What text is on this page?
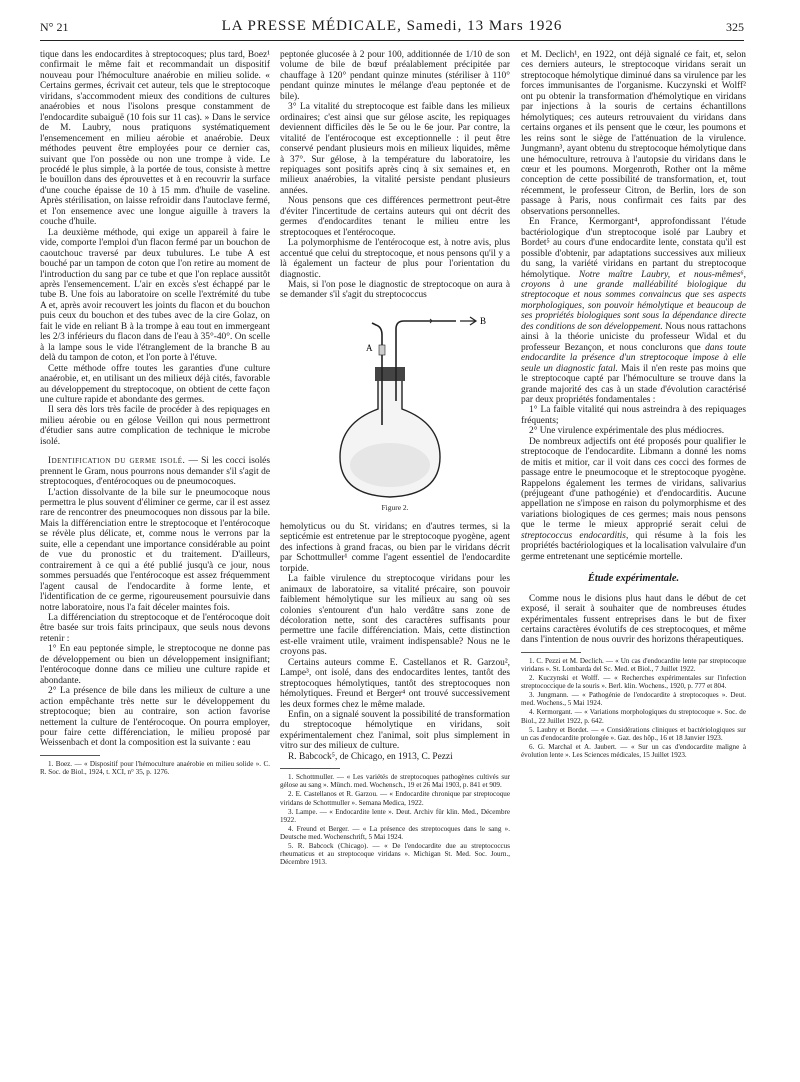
N° 21	LA PRESSE MÉDICALE, Samedi, 13 Mars 1926	325

tique dans les endocardites à streptocoques; plus tard, Boez¹ confirmait le même fait et recommandait un dispositif nouveau pour l'hémoculture anaérobie en milieu solide. « Certains germes, écrivait cet auteur, tels que le streptocoque viridans, s'accommodent mieux des conditions de cultures anaérobies et nous l'isolons presque constamment de l'endocardite subaiguë (10 fois sur 11 cas). » Dans le service de M. Laubry, nous pratiquons systématiquement l'ensemencement en milieu aérobie et anaérobie. Deux méthodes peuvent être employées pour ce dernier cas, suivant que l'on possède ou non une trompe à vide. Le procédé le plus simple, à la portée de tous, consiste à mettre le bouillon dans des éprouvettes et à en recouvrir la surface d'une couche épaisse de 10 à 15 mm. d'huile de vaseline. Après stérilisation, on laisse refroidir dans l'autoclave fermé, et l'on ensemence avec une longue aiguille à travers la couche d'huile.

La deuxième méthode, qui exige un appareil à faire le vide, comporte l'emploi d'un flacon fermé par un bouchon de caoutchouc traversé par deux tubulures. Le tube A est bouché par un tampon de coton que l'on retire au moment de l'introduction du sang par ce tube et que l'on replace aussitôt après l'ensemencement. L'air en excès s'est échappé par le tube B. Une fois au laboratoire on scelle l'extrémité du tube A et, après avoir recouvert les joints du flacon et du bouchon puis ceux du bouchon et des tubes avec de la cire Golaz, on fait le vide en reliant B à la trompe à eau tout en immergeant les 2/3 inférieurs du flacon dans de l'eau à 35°-40°. On scelle à la lampe sous le vide l'étranglement de la branche B au delà du tampon de coton, et l'on porte à l'étuve.

Cette méthode offre toutes les garanties d'une culture anaérobie, et, en utilisant un des milieux déjà cités, favorable au développement du streptocoque, on obtient de cette façon une culture rapide et abondante des germes.

Il sera dès lors très facile de procéder à des repiquages en milieu aérobie ou en gélose Veillon qui nous permettront d'étudier sans autre complication de technique le microbe isolé.

Identification du germe isolé. — Si les cocci isolés prennent le Gram, nous pourrons nous demander s'il s'agit de streptocoques, d'entérocoques ou de pneumocoques.

L'action dissolvante de la bile sur le pneumocoque nous permettra le plus souvent d'éliminer ce germe, car il est assez rare de rencontrer des pneumocoques non dissous par la bile. Mais la différenciation entre le streptocoque et l'entérocoque se révèle plus délicate, et, comme nous le verrons par la suite, elle a cependant une importance considérable au point de vue du pronostic et du traitement. D'ailleurs, contrairement à ce qui a été publié jusqu'à ce jour, nous sommes persuadés que l'entérocoque est assez fréquemment l'agent causal de l'endocardite à forme lente, et l'identification de ce germe, rigoureusement poursuivie dans notre laboratoire, nous l'a fait déceler maintes fois.

La différenciation du streptocoque et de l'entérocoque doit être basée sur trois faits principaux, que seuls nous devons retenir :

1° En eau peptonée simple, le streptocoque ne donne pas de développement ou bien un développement insignifiant; l'entérocoque donne dans ce milieu une culture rapide et abondante.

2° La présence de bile dans les milieux de culture a une action empêchante très nette sur le développement du streptocoque; bien au contraire, son action favorise nettement la culture de l'entérocoque. On pourra employer, pour faire cette différenciation, le milieu proposé par Weissenbach et dont la composition est la suivante : eau

1. Boez. — « Dispositif pour l'hémoculture anaérobie en milieu solide ». C. R. Soc. de Biol., 1924, t. XCI, n° 35, p. 1276.

peptonée glucosée à 2 pour 100, additionnée de 1/10 de son volume de bile de bœuf préalablement précipitée par chauffage à 120° pendant quinze minutes (stériliser à 110° pendant quinze minutes le mélange d'eau peptonée et de bile).

3° La vitalité du streptocoque est faible dans les milieux ordinaires; c'est ainsi que sur gélose ascite, les repiquages deviennent difficiles dès le 5e ou le 6e jour. Par contre, la vitalité de l'entérocoque est exceptionnelle : il peut être conservé pendant plusieurs mois en milieux liquides, même à 37°. Sur gélose, à la température du laboratoire, les repiquages sont positifs après cinq à six semaines et, en milieux anaérobies, la vitalité persiste pendant plusieurs années.

Nous pensons que ces différences permettront peut-être d'éviter l'incertitude de certains auteurs qui ont décrit des germes d'endocardites tenant le milieu entre les streptocoques et l'entérocoque.

La polymorphisme de l'entérocoque est, à notre avis, plus accentué que celui du streptocoque, et nous pensons qu'il y a là également un facteur de plus pour l'orientation du diagnostic.

Mais, si l'on pose le diagnostic de streptocoque on aura à se demander s'il s'agit du streptococcus

A
B
Figure 2.

hemolyticus ou du St. viridans; en d'autres termes, si la septicémie est entretenue par le streptocoque pyogène, agent des infections à grand fracas, ou bien par le viridans décrit par Schottmuller¹ comme l'agent essentiel de l'endocardite torpide.

La faible virulence du streptocoque viridans pour les animaux de laboratoire, sa vitalité précaire, son pouvoir faiblement hémolytique sur les milieux au sang où ses colonies s'entourent d'un halo verdâtre sans zone de décoloration nette, sont des caractères suffisants pour permettre une facile différenciation. Mais, cette distinction est-elle vraiment utile, vraiment indispensable? Nous ne le croyons pas.

Certains auteurs comme E. Castellanos et R. Garzou², Lampe³, ont isolé, dans des endocardites lentes, tantôt des streptocoques hémolytiques, tantôt des streptocoques non hémolytiques. Freund et Berger⁴ ont trouvé successivement les deux formes chez le même malade.

Enfin, on a signalé souvent la possibilité de transformation du streptocoque hémolytique en viridans, soit expérimentalement chez l'animal, soit plus simplement in vitro sur des milieux de culture.

R. Babcock⁵, de Chicago, en 1913, C. Pezzi

1. Schottmuller. — « Les variétés de streptocoques pathogènes cultivés sur gélose au sang ». Münch. med. Wochensch., 19 et 26 Mai 1903, p. 841 et 909.

2. E. Castellanos et R. Garzou. — « Endocardite chronique par streptocoque viridans de Schottmuller ». Semana Medica, 1922.

3. Lampe. — « Endocardite lente ». Deut. Archiv für klin. Med., Décembre 1922.

4. Freund et Berger. — « La présence des streptocoques dans le sang ». Deutsche med. Wochenschrift, 5 Mai 1924.

5. R. Babcock (Chicago). — « De l'endocardite due au streptococcus rheumaticus et au streptocoque viridans ». Michigan St. Med. Soc. Journ., Décembre 1913.

et M. Declich¹, en 1922, ont déjà signalé ce fait, et, selon ces derniers auteurs, le streptocoque viridans serait un streptocoque hémolytique diminué dans sa virulence par les forces immunisantes de l'organisme. Kuczynski et Wolff² ont pu obtenir la transformation d'hémolytique en viridans par injections à la souris de certains échantillons hémolytiques; ces auteurs retrouvaient du viridans dans certains organes et ils pensent que le cœur, les poumons et les reins sont le siège de l'atténuation de la virulence. Jungmann³, ayant obtenu du streptocoque hémolytique dans une hémoculture, retrouva à l'autopsie du viridans dans le cœur et les poumons. Morgenroth, Rother ont la même conception de cette possibilité de transformation, et, tout récemment, le professeur Citron, de Berlin, lors de son passage à Paris, nous confirmait ces faits par des observations personnelles.

En France, Kermorgant⁴, approfondissant l'étude bactériologique d'un streptocoque isolé par Laubry et Bordet⁵ au cours d'une endocardite lente, constata qu'il est possible d'obtenir, par adaptations successives aux milieux du sang, la variété viridans en partant du streptocoque hémolytique. Notre maître Laubry, et nous-mêmes⁶, croyons à une grande malléabilité biologique du streptocoque et nous sommes convaincus que ses aspects morphologiques, son pouvoir hémolytique et beaucoup de ses propriétés biologiques sont sous la dépendance directe des conditions de son développement. Nous nous rattachons ainsi à la théorie uniciste du professeur Widal et du professeur Bezançon, et nous conclurons que dans toute endocardite la présence d'un streptocoque impose à elle seule un diagnostic fatal. Mais il n'en reste pas moins que le streptocoque capté par l'hémoculture se trouve dans la grande majorité des cas à un stade d'évolution caractérisé par deux propriétés fondamentales :

1° La faible vitalité qui nous astreindra à des repiquages fréquents;

2° Une virulence expérimentale des plus médiocres.

De nombreux adjectifs ont été proposés pour qualifier le streptocoque de l'endocardite. Libmann a donné les noms de mitis et mitior, car il voit dans ces cocci des formes de passage entre le pneumocoque et le streptocoque pyogène. Rappelons également les termes de viridans, salivarius (préjugeant d'une pathogénie) et d'endocarditis. Aucune appellation ne s'impose en raison du polymorphisme et des variations biologiques de ces germes; mais nous pensons que le terme le mieux approprié serait celui de streptococcus endocarditis, qui résume à la fois les propriétés bactériologiques et la localisation valvulaire d'un germe entretenant une septicémie mortelle.

Étude expérimentale.

Comme nous le disions plus haut dans le début de cet exposé, il serait à souhaiter que de nombreuses études expérimentales fussent entreprises dans le but de fixer certains caractères évolutifs de ces streptocoques, et même dans l'intention de nous ouvrir des horizons thérapeutiques.

1. C. Pezzi et M. Declich. — « Un cas d'endocardite lente par streptocoque viridans ». St. Lombarda del Sc. Med. et Biol., 7 Juillet 1922.

2. Kuczynski et Wolff. — « Recherches expérimentales sur l'infection streptococcique de la souris ». Berl. klin. Wochens., 1920, p. 777 et 804.

3. Jungmann. — « Pathogénie de l'endocardite à streptocoques ». Deut. med. Wochens., 5 Mai 1924.

4. Kermorgant. — « Variations morphologiques du streptocoque ». Soc. de Biol., 22 Juillet 1922, p. 642.

5. Laubry et Bordet. — « Considérations cliniques et bactériologiques sur un cas d'endocardite prolongée ». Gaz. des hôp., 16 et 18 Janvier 1923.

6. G. Marchal et A. Jaubert. — « Sur un cas d'endocardite maligne à évolution lente ». Les Sciences médicales, 15 Juillet 1923.
